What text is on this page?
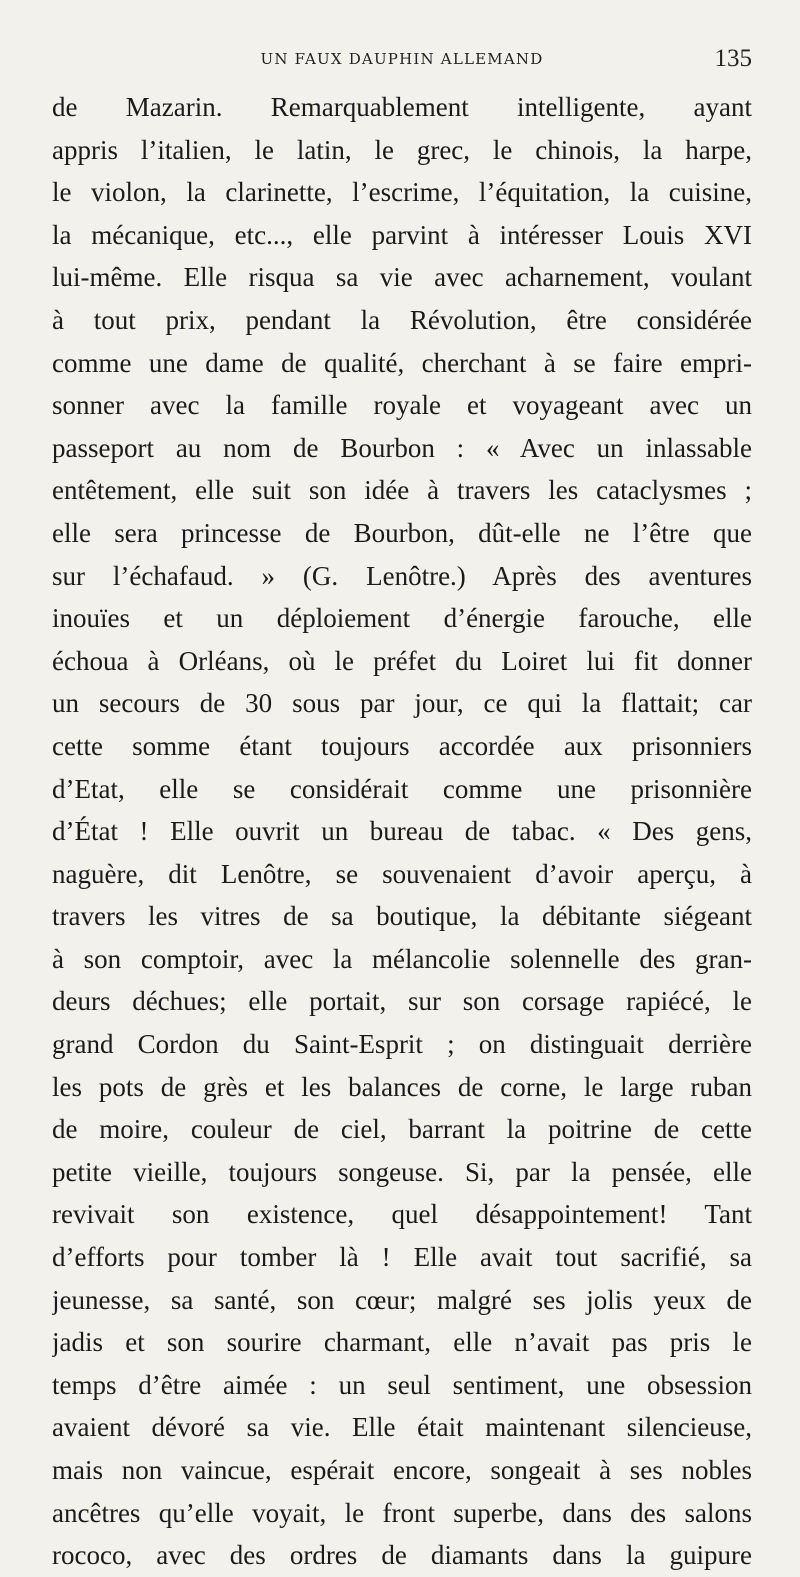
UN FAUX DAUPHIN ALLEMAND	135
de Mazarin. Remarquablement intelligente, ayant
appris l’italien, le latin, le grec, le chinois, la harpe,
le violon, la clarinette, l’escrime, l’équitation, la cuisine,
la mécanique, etc..., elle parvint à intéresser Louis XVI
lui-même. Elle risqua sa vie avec acharnement, voulant
à tout prix, pendant la Révolution, être considérée
comme une dame de qualité, cherchant à se faire empri-
sonner avec la famille royale et voyageant avec un
passeport au nom de Bourbon : « Avec un inlassable
entêtement, elle suit son idée à travers les cataclysmes ;
elle sera princesse de Bourbon, dût-elle ne l’être que
sur l’échafaud. » (G. Lenôtre.) Après des aventures
inouïes et un déploiement d’énergie farouche, elle
échoua à Orléans, où le préfet du Loiret lui fit donner
un secours de 30 sous par jour, ce qui la flattait; car
cette somme étant toujours accordée aux prisonniers
d’Etat, elle se considérait comme une prisonnière
d’État ! Elle ouvrit un bureau de tabac. « Des gens,
naguère, dit Lenôtre, se souvenaient d’avoir aperçu, à
travers les vitres de sa boutique, la débitante siégeant
à son comptoir, avec la mélancolie solennelle des gran-
deurs déchues; elle portait, sur son corsage rapiécé, le
grand Cordon du Saint-Esprit ; on distinguait derrière
les pots de grès et les balances de corne, le large ruban
de moire, couleur de ciel, barrant la poitrine de cette
petite vieille, toujours songeuse. Si, par la pensée, elle
revivait son existence, quel désappointement! Tant
d’efforts pour tomber là ! Elle avait tout sacrifié, sa
jeunesse, sa santé, son cœur; malgré ses jolis yeux de
jadis et son sourire charmant, elle n’avait pas pris le
temps d’être aimée : un seul sentiment, une obsession
avaient dévoré sa vie. Elle était maintenant silencieuse,
mais non vaincue, espérait encore, songeait à ses nobles
ancêtres qu’elle voyait, le front superbe, dans des salons
rococo, avec des ordres de diamants dans la guipure
